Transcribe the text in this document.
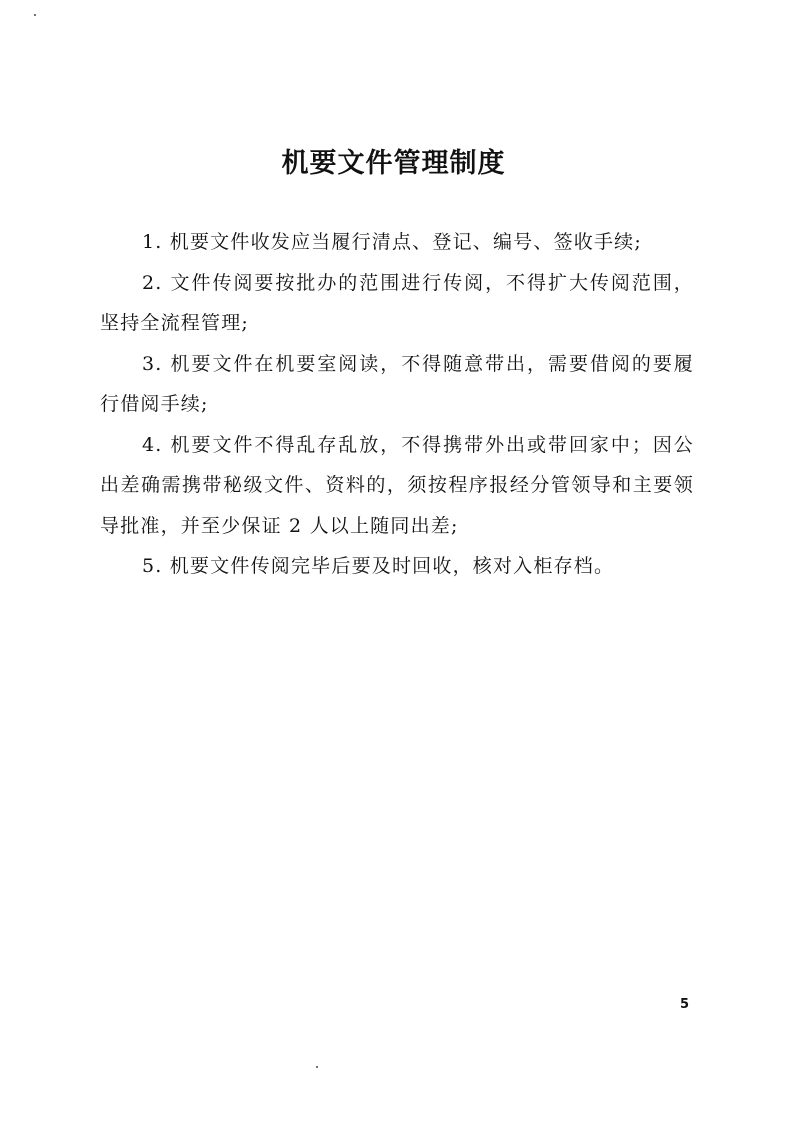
机要文件管理制度

1. 机要文件收发应当履行清点、登记、编号、签收手续;

2. 文件传阅要按批办的范围进行传阅，不得扩大传阅范围，坚持全流程管理;

3. 机要文件在机要室阅读，不得随意带出，需要借阅的要履行借阅手续;

4. 机要文件不得乱存乱放，不得携带外出或带回家中；因公出差确需携带秘级文件、资料的，须按程序报经分管领导和主要领导批准，并至少保证 2 人以上随同出差;

5. 机要文件传阅完毕后要及时回收，核对入柜存档。

5
